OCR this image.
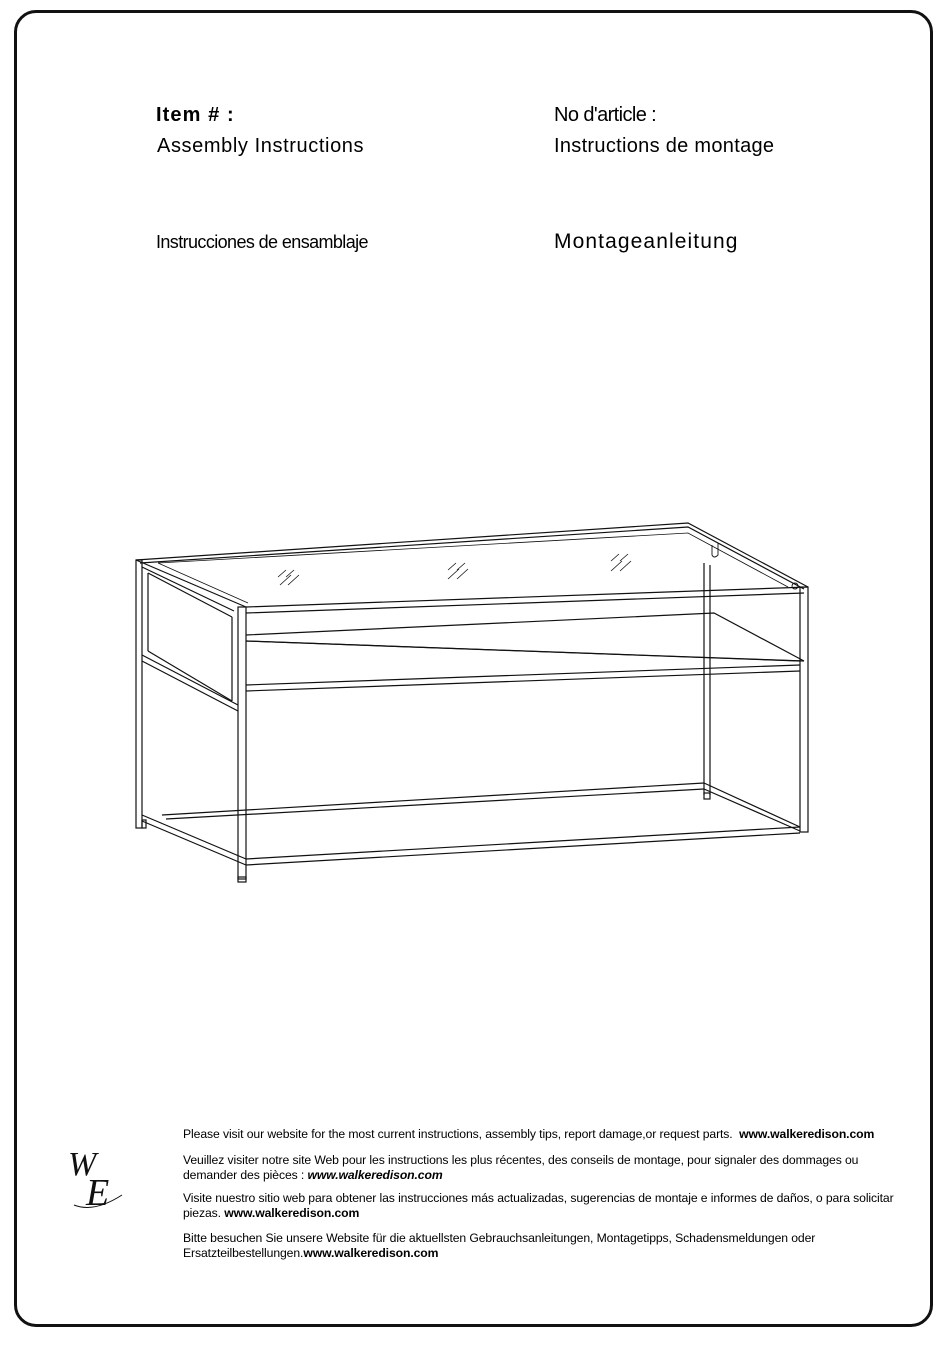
Item # :
Assembly Instructions
No d'article :
Instructions de montage
Instrucciones de ensamblaje	Montageanleitung
W
E
Please visit our website for the most current instructions, assembly tips, report damage,or request parts. www.walkeredison.com
Veuillez visiter notre site Web pour les instructions les plus récentes, des conseils de montage, pour signaler des dommages ou demander des pièces : www.walkeredison.com
Visite nuestro sitio web para obtener las instrucciones más actualizadas, sugerencias de montaje e informes de daños, o para solicitar piezas. www.walkeredison.com
Bitte besuchen Sie unsere Website für die aktuellsten Gebrauchsanleitungen, Montagetipps, Schadensmeldungen oder Ersatzteilbestellungen.www.walkeredison.com
